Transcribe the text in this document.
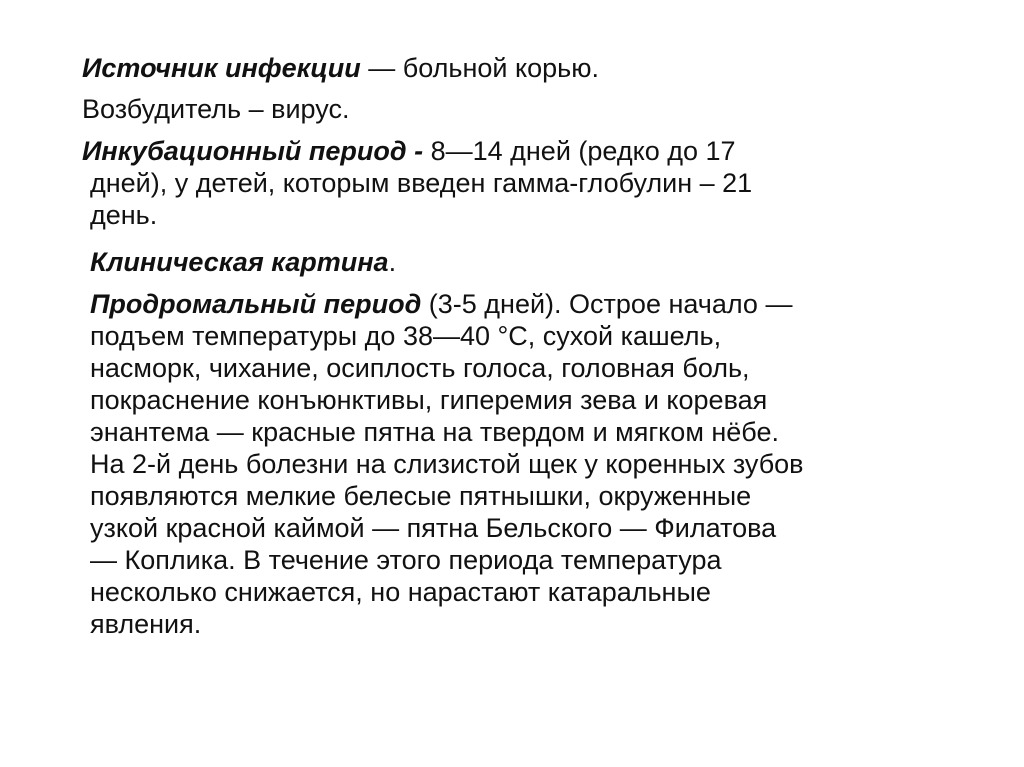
Источник инфекции — больной корью.
Возбудитель – вирус.
Инкубационный период - 8—14 дней (редко до 17
дней), у детей, которым введен гамма-глобулин – 21
день.
Клиническая картина.
Продромальный период (3-5 дней). Острое начало —
подъем температуры до 38—40 °С, сухой кашель,
насморк, чихание, осиплость голоса, головная боль,
покраснение конъюнктивы, гиперемия зева и коревая
энантема — красные пятна на твердом и мягком нёбе.
На 2-й день болезни на слизистой щек у коренных зубов
появляются мелкие белесые пятнышки, окруженные
узкой красной каймой — пятна Бельского — Филатова
— Коплика. В течение этого периода температура
несколько снижается, но нарастают катаральные
явления.
